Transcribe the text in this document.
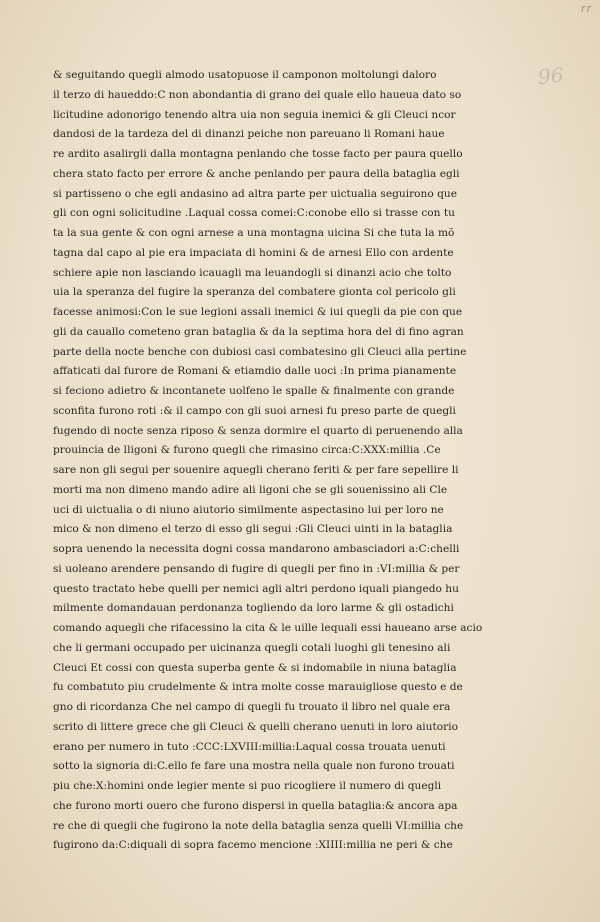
rr
96
& seguitando quegli almodo usatopuose il camponon moltolungi daloro
il terzo di haueddo:C non abondantia di grano del quale ello haueua dato so
licitudine adonorigo tenendo altra uia non seguia inemici & gli Cleuci ncor
dandosi de la tardeza del di dinanzi peiche non pareuano li Romani haue
re ardito asalirgli dalla montagna penlando che tosse facto per paura quello
chera stato facto per errore & anche penlando per paura della bataglia egli
si partisseno o che egli andasino ad altra parte per uictualia seguirono que
gli con ogni solicitudine .Laqual cossa comei:C:conobe ello si trasse con tu
ta la sua gente & con ogni arnese a una montagna uicina Si che tuta la mõ
tagna dal capo al pie era impaciata di homini & de arnesi Ello con ardente
schiere apie non lasciando icauagli ma leuandogli si dinanzi acio che tolto
uia la speranza del fugire la speranza del combatere gionta col pericolo gli
facesse animosi:Con le sue legioni assali inemici & iui quegli da pie con que
gli da cauallo cometeno gran bataglia & da la septima hora del di fino agran
parte della nocte benche con dubiosi casi combatesino gli Cleuci alla pertine
affaticati dal furore de Romani & etiamdio dalle uoci :In prima pianamente
si feciono adietro & incontanete uolfeno le spalle & finalmente con grande
sconfita furono roti :& il campo con gli suoi arnesi fu preso parte de quegli
fugendo di nocte senza riposo & senza dormire el quarto di peruenendo alla
prouincia de lligoni & furono quegli che rimasino circa:C:XXX:millia .Ce
sare non gli segui per souenire aquegli cherano feriti & per fare sepellire li
morti ma non dimeno mando adire ali ligoni che se gli souenissino ali Cle
uci di uictualia o di niuno aiutorio similmente aspectasino lui per loro ne
mico & non dimeno el terzo di esso gli segui :Gli Cleuci uinti in la bataglia
sopra uenendo la necessita dogni cossa mandarono ambasciadori a:C:chelli
si uoleano arendere pensando di fugire di quegli per fino in :VI:millia & per
questo tractato hebe quelli per nemici agli altri perdono iquali piangedo hu
milmente domandauan perdonanza togliendo da loro larme & gli ostadichi
comando aquegli che rifacessino la cita & le uille lequali essi haueano arse acio
che li germani occupado per uicinanza quegli cotali luoghi gli tenesino ali
Cleuci Et cossi con questa superba gente & si indomabile in niuna bataglia
fu combatuto piu crudelmente & intra molte cosse marauigliose questo e de
gno di ricordanza Che nel campo di quegli fu trouato il libro nel quale era
scrito di littere grece che gli Cleuci & quelli cherano uenuti in loro aiutorio
erano per numero in tuto :CCC:LXVIII:millia:Laqual cossa trouata uenuti
sotto la signoria di:C.ello fe fare una mostra nella quale non furono trouati
piu che:X:homini onde legier mente si puo ricogliere il numero di quegli
che furono morti ouero che furono dispersi in quella bataglia:& ancora apa
re che di quegli che fugirono la note della bataglia senza quelli VI:millia che
fugirono da:C:diquali di sopra facemo mencione :XIIII:millia ne peri & che
